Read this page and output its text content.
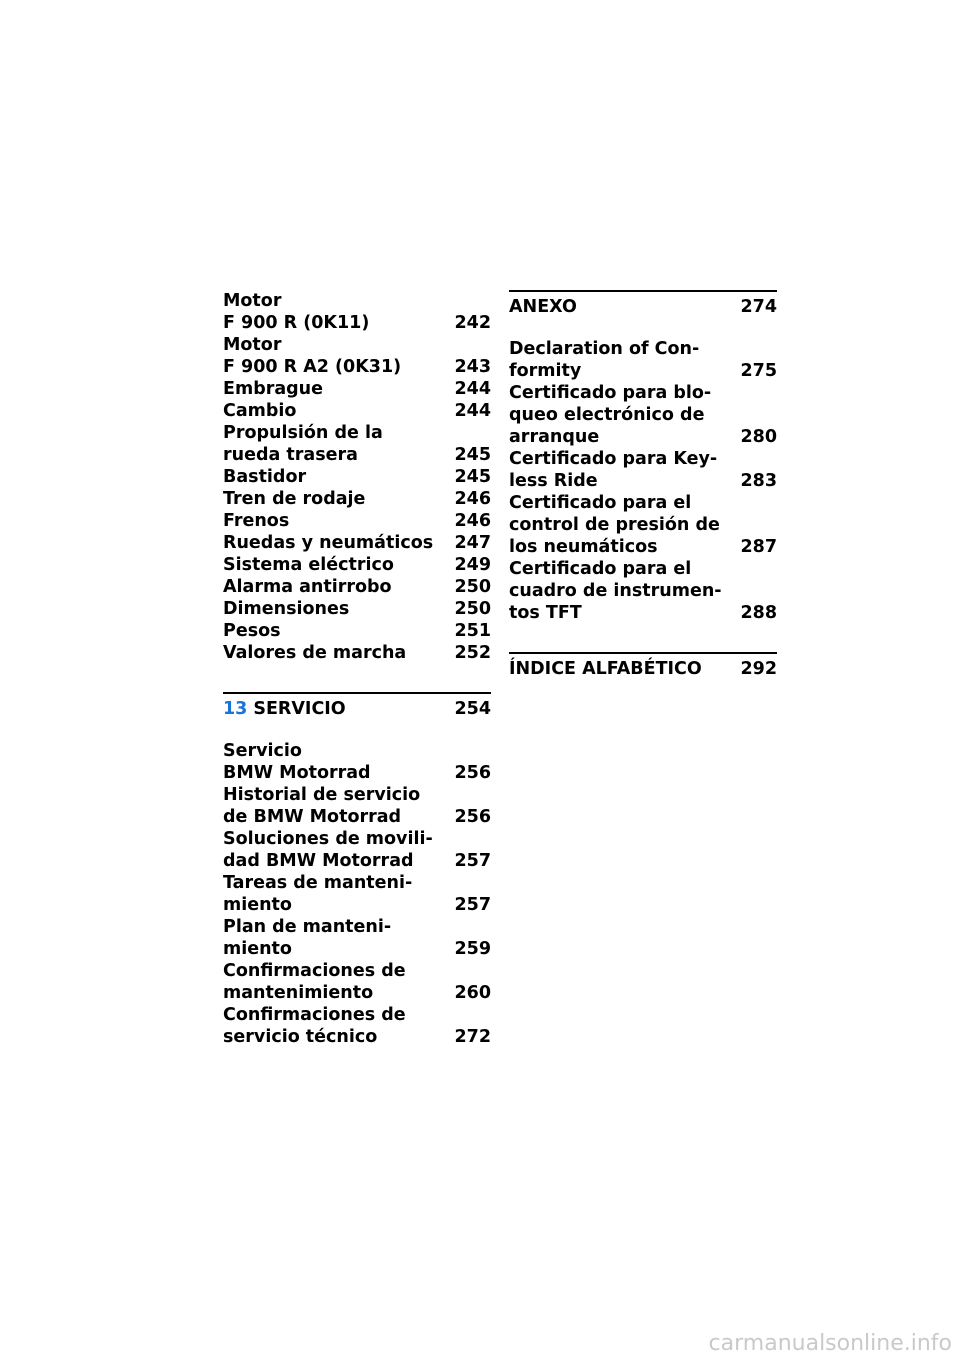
Motor
F 900 R (0K11)	242
Motor
F 900 R A2 (0K31)	243
Embrague	244
Cambio	244
Propulsión de la
rueda trasera	245
Bastidor	245
Tren de rodaje	246
Frenos	246
Ruedas y neumáticos	247
Sistema eléctrico	249
Alarma antirrobo	250
Dimensiones	250
Pesos	251
Valores de marcha	252
13 SERVICIO	254
Servicio
BMW Motorrad	256
Historial de servicio
de BMW Motorrad	256
Soluciones de movili-
dad BMW Motorrad	257
Tareas de manteni-
miento	257
Plan de manteni-
miento	259
Confirmaciones de
mantenimiento	260
Confirmaciones de
servicio técnico	272
ANEXO	274
Declaration of Con-
formity	275
Certificado para blo-
queo electrónico de
arranque	280
Certificado para Key-
less Ride	283
Certificado para el
control de presión de
los neumáticos	287
Certificado para el
cuadro de instrumen-
tos TFT	288
ÍNDICE ALFABÉTICO 292
carmanualsonline.info
